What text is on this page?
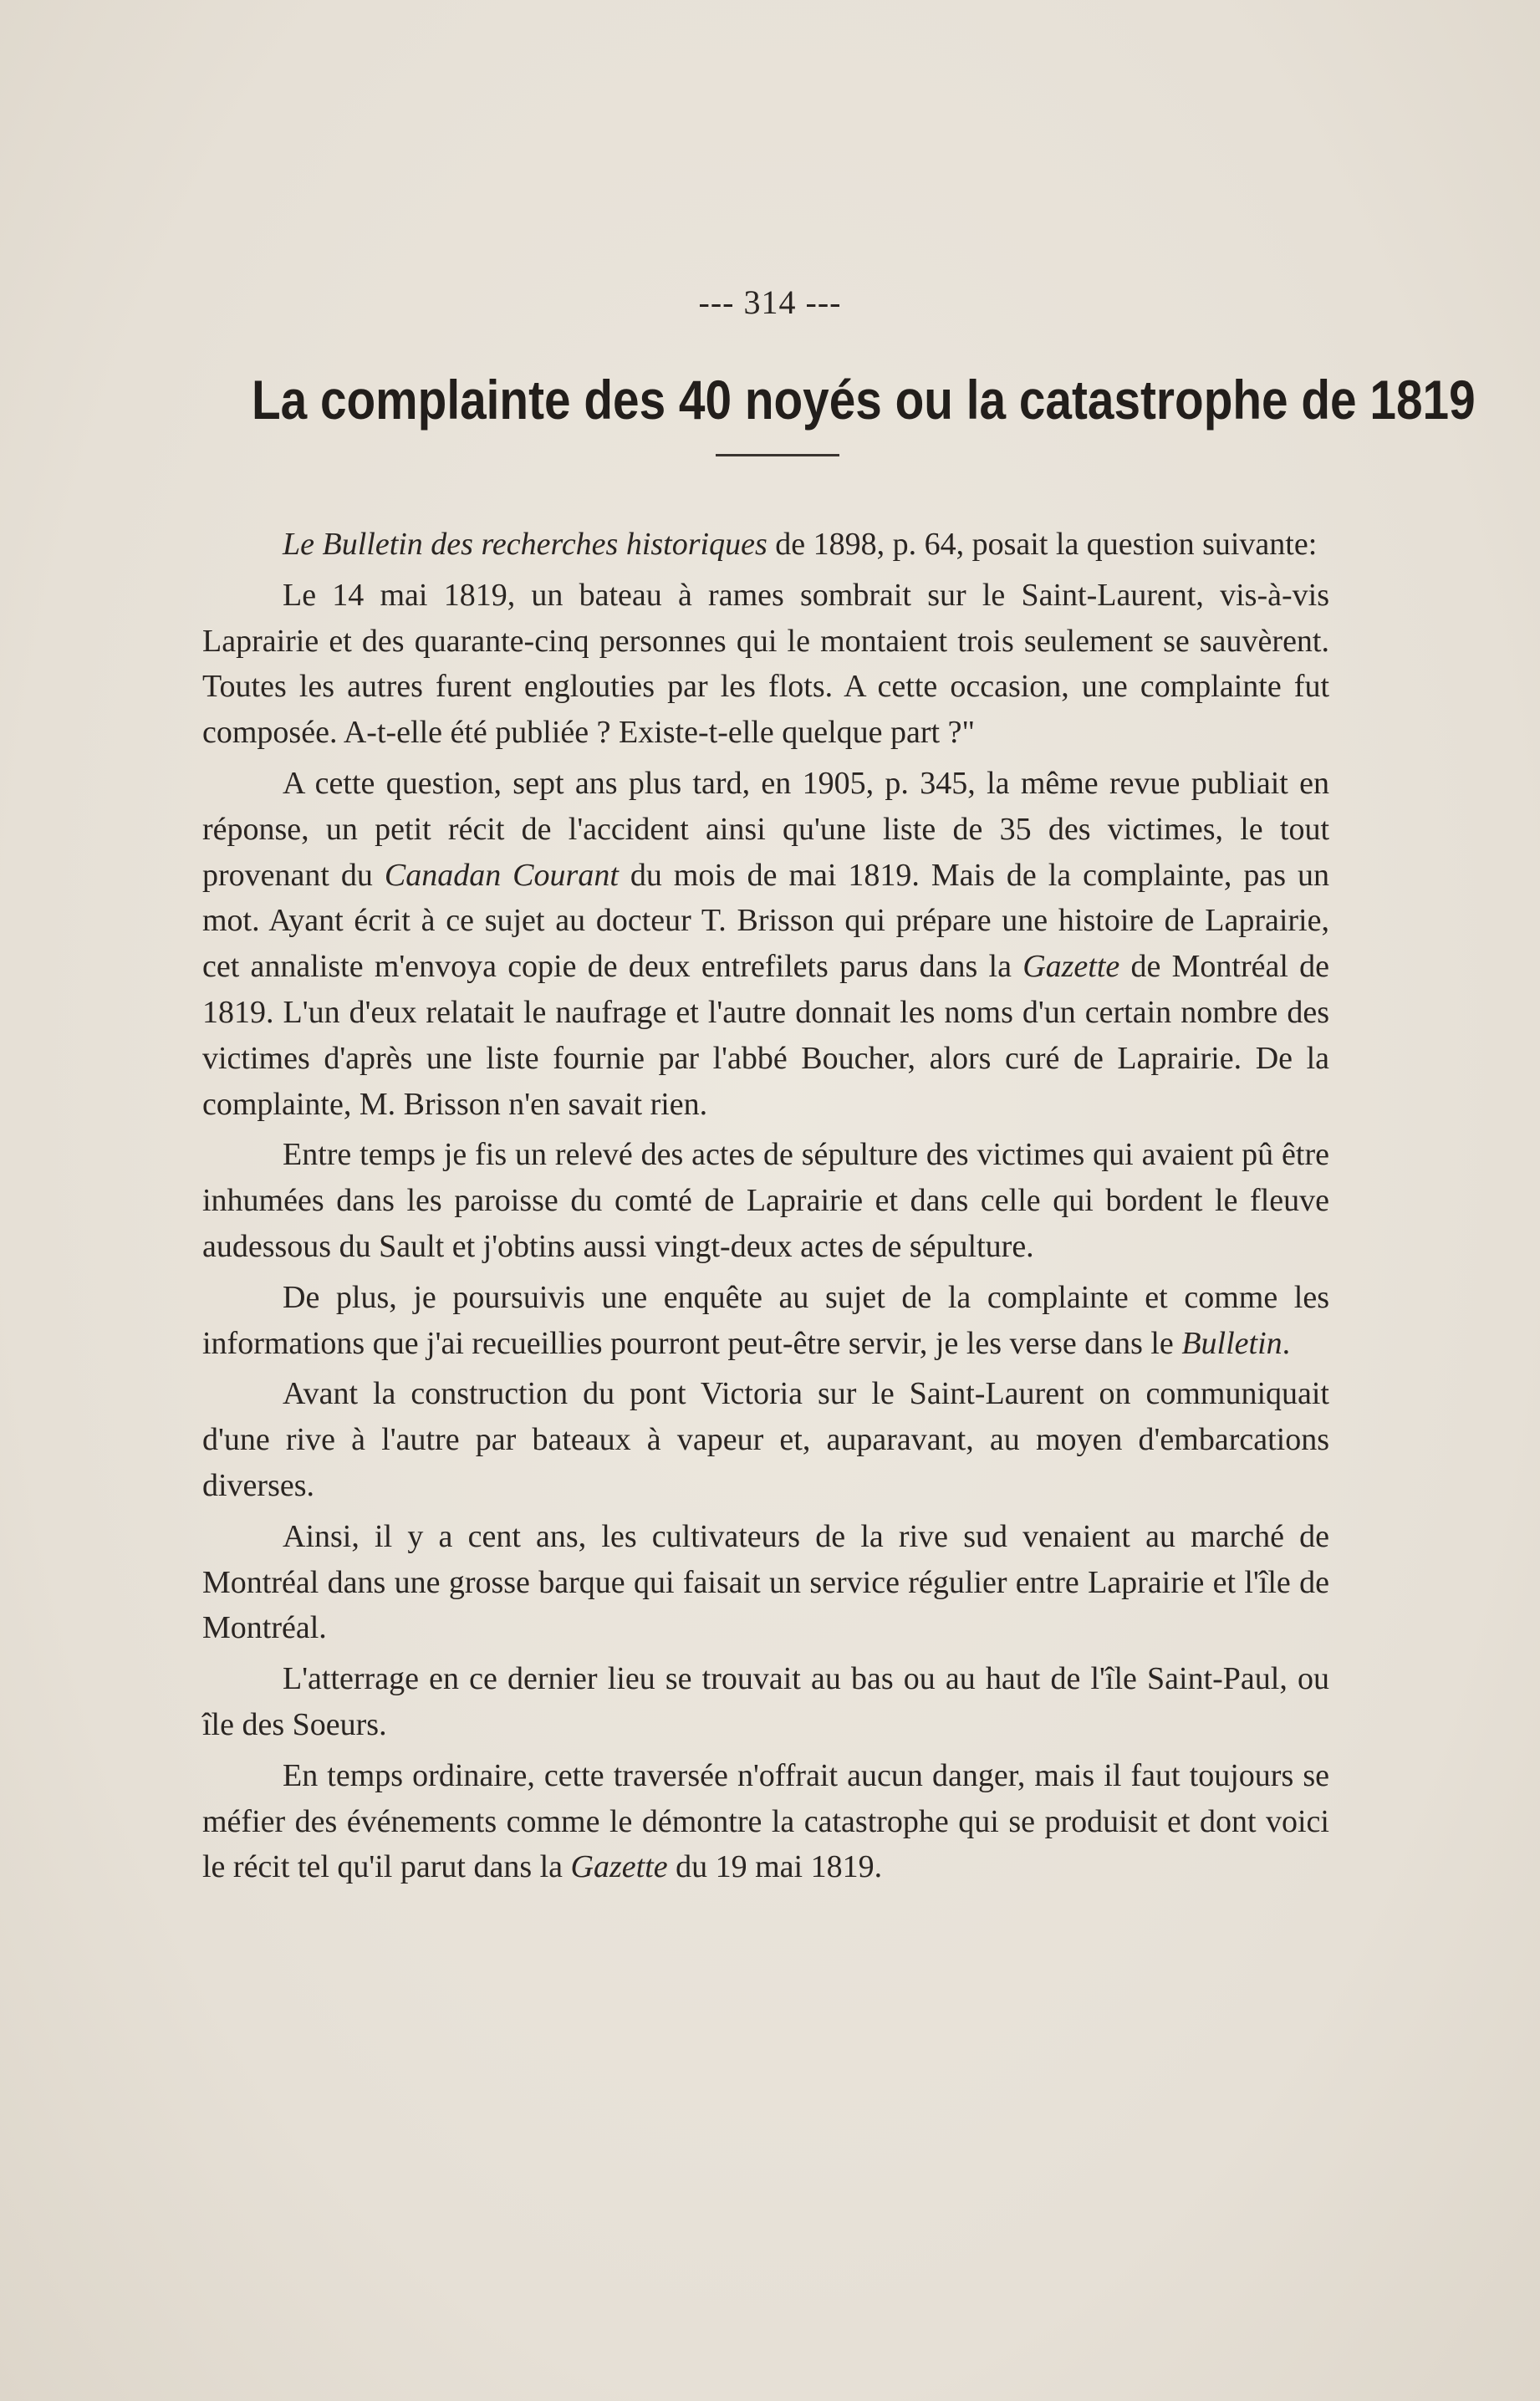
--- 314 ---
La complainte des 40 noyés ou la catastrophe de 1819

Le Bulletin des recherches historiques de 1898, p. 64, posait la question suivante:

Le 14 mai 1819, un bateau à rames sombrait sur le Saint-Laurent, vis-à-vis Laprairie et des quarante-cinq personnes qui le montaient trois seulement se sauvèrent. Toutes les autres furent englouties par les flots. A cette occasion, une complainte fut composée. A-t-elle été publiée ? Existe-t-elle quelque part ?"

A cette question, sept ans plus tard, en 1905, p. 345, la même revue publiait en réponse, un petit récit de l'accident ainsi qu'une liste de 35 des victimes, le tout provenant du Canadan Courant du mois de mai 1819. Mais de la complainte, pas un mot. Ayant écrit à ce sujet au docteur T. Brisson qui prépare une histoire de Laprairie, cet annaliste m'envoya copie de deux entrefilets parus dans la Gazette de Montréal de 1819. L'un d'eux relatait le naufrage et l'autre donnait les noms d'un certain nombre des victimes d'après une liste fournie par l'abbé Boucher, alors curé de Laprairie. De la complainte, M. Brisson n'en savait rien.

Entre temps je fis un relevé des actes de sépulture des victimes qui avaient pû être inhumées dans les paroisse du comté de Laprairie et dans celle qui bordent le fleuve audessous du Sault et j'obtins aussi vingt-deux actes de sépulture.

De plus, je poursuivis une enquête au sujet de la complainte et comme les informations que j'ai recueillies pourront peut-être servir, je les verse dans le Bulletin.

Avant la construction du pont Victoria sur le Saint-Laurent on communiquait d'une rive à l'autre par bateaux à vapeur et, auparavant, au moyen d'embarcations diverses.

Ainsi, il y a cent ans, les cultivateurs de la rive sud venaient au marché de Montréal dans une grosse barque qui faisait un service régulier entre Laprairie et l'île de Montréal.

L'atterrage en ce dernier lieu se trouvait au bas ou au haut de l'île Saint-Paul, ou île des Soeurs.

En temps ordinaire, cette traversée n'offrait aucun danger, mais il faut toujours se méfier des événements comme le démontre la catastrophe qui se produisit et dont voici le récit tel qu'il parut dans la Gazette du 19 mai 1819.
